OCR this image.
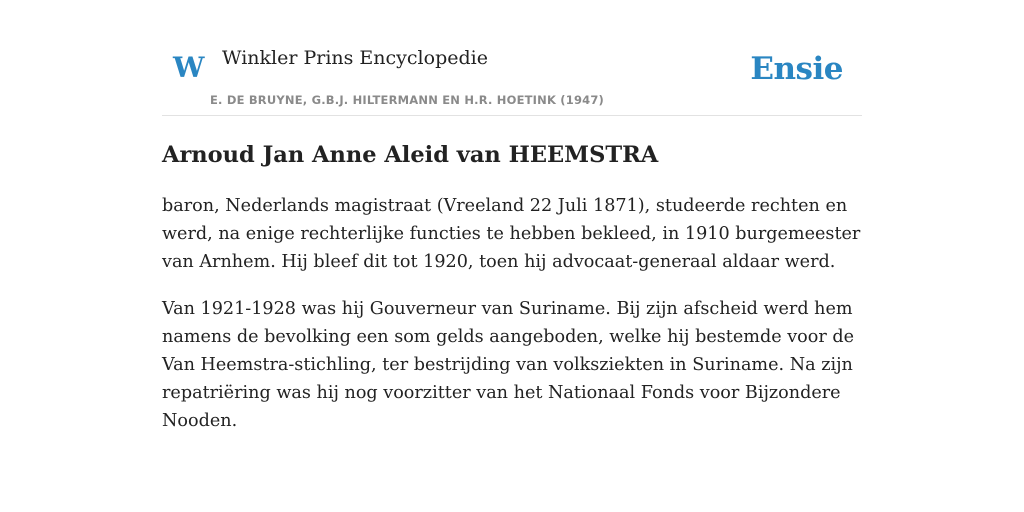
W Winkler Prins Encyclopedie
E. DE BRUYNE, G.B.J. HILTERMANN EN H.R. HOETINK (1947)
Ensie
Arnoud Jan Anne Aleid van HEEMSTRA

baron, Nederlands magistraat (Vreeland 22 Juli 1871), studeerde rechten en werd, na enige rechterlijke functies te hebben bekleed, in 1910 burgemeester van Arnhem. Hij bleef dit tot 1920, toen hij advocaat-generaal aldaar werd.

Van 1921-1928 was hij Gouverneur van Suriname. Bij zijn afscheid werd hem namens de bevolking een som gelds aangeboden, welke hij bestemde voor de Van Heemstra-stichling, ter bestrijding van volksziekten in Suriname. Na zijn repatriëring was hij nog voorzitter van het Nationaal Fonds voor Bijzondere Nooden.
